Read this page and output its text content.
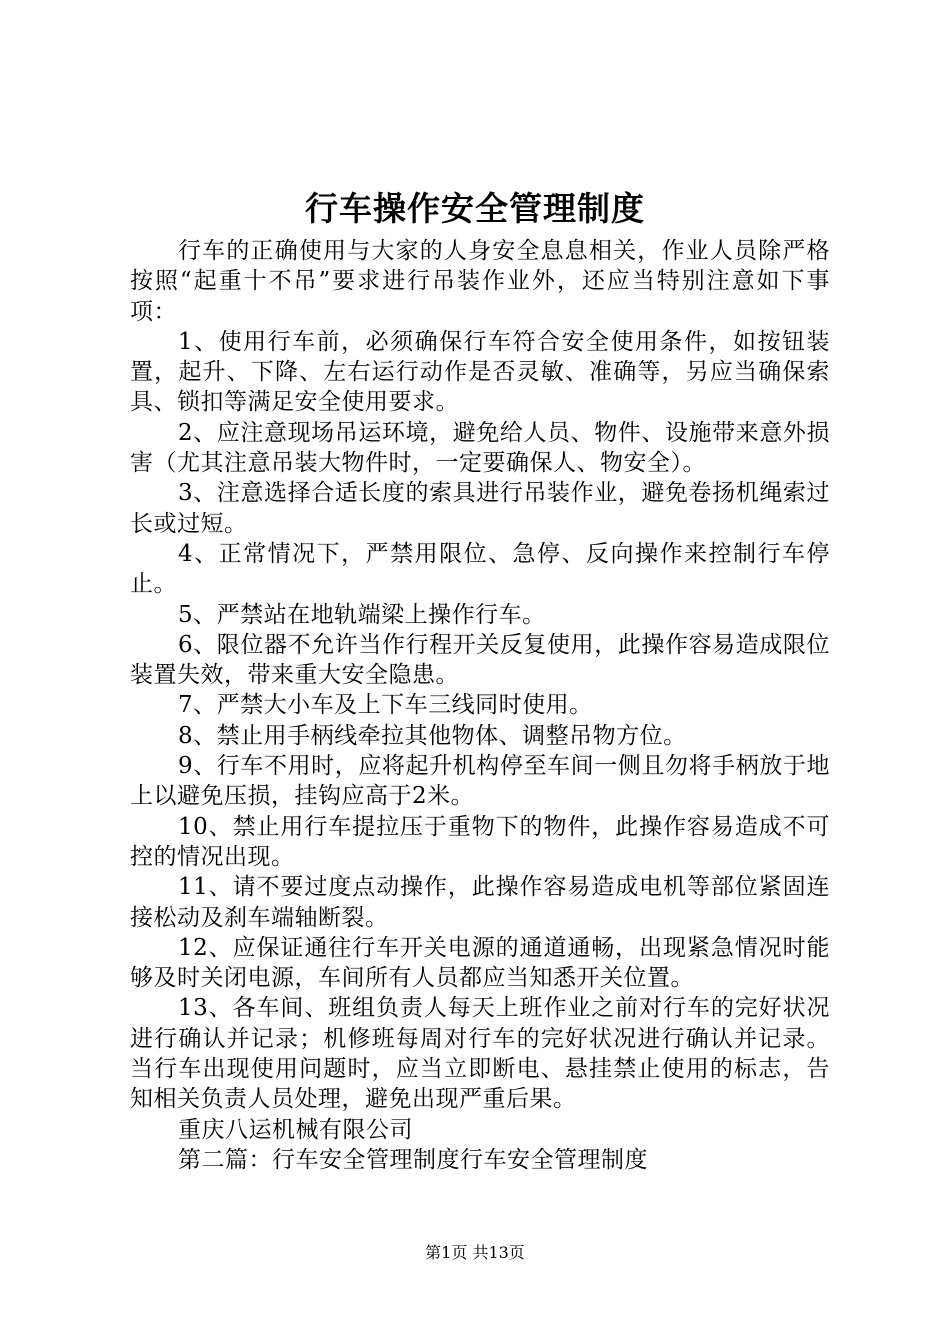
行车操作安全管理制度

行车的正确使用与大家的人身安全息息相关，作业人员除严格按照“起重十不吊”要求进行吊装作业外，还应当特别注意如下事项：

1、使用行车前，必须确保行车符合安全使用条件，如按钮装置，起升、下降、左右运行动作是否灵敏、准确等，另应当确保索具、锁扣等满足安全使用要求。

2、应注意现场吊运环境，避免给人员、物件、设施带来意外损害（尤其注意吊装大物件时，一定要确保人、物安全）。

3、注意选择合适长度的索具进行吊装作业，避免卷扬机绳索过长或过短。

4、正常情况下，严禁用限位、急停、反向操作来控制行车停止。

5、严禁站在地轨端梁上操作行车。

6、限位器不允许当作行程开关反复使用，此操作容易造成限位装置失效，带来重大安全隐患。

7、严禁大小车及上下车三线同时使用。

8、禁止用手柄线牵拉其他物体、调整吊物方位。

9、行车不用时，应将起升机构停至车间一侧且勿将手柄放于地上以避免压损，挂钩应高于2米。

10、禁止用行车提拉压于重物下的物件，此操作容易造成不可控的情况出现。

11、请不要过度点动操作，此操作容易造成电机等部位紧固连接松动及刹车端轴断裂。

12、应保证通往行车开关电源的通道通畅，出现紧急情况时能够及时关闭电源，车间所有人员都应当知悉开关位置。

13、各车间、班组负责人每天上班作业之前对行车的完好状况进行确认并记录；机修班每周对行车的完好状况进行确认并记录。当行车出现使用问题时，应当立即断电、悬挂禁止使用的标志，告知相关负责人员处理，避免出现严重后果。

重庆八运机械有限公司

第二篇：行车安全管理制度行车安全管理制度

第1页 共13页
